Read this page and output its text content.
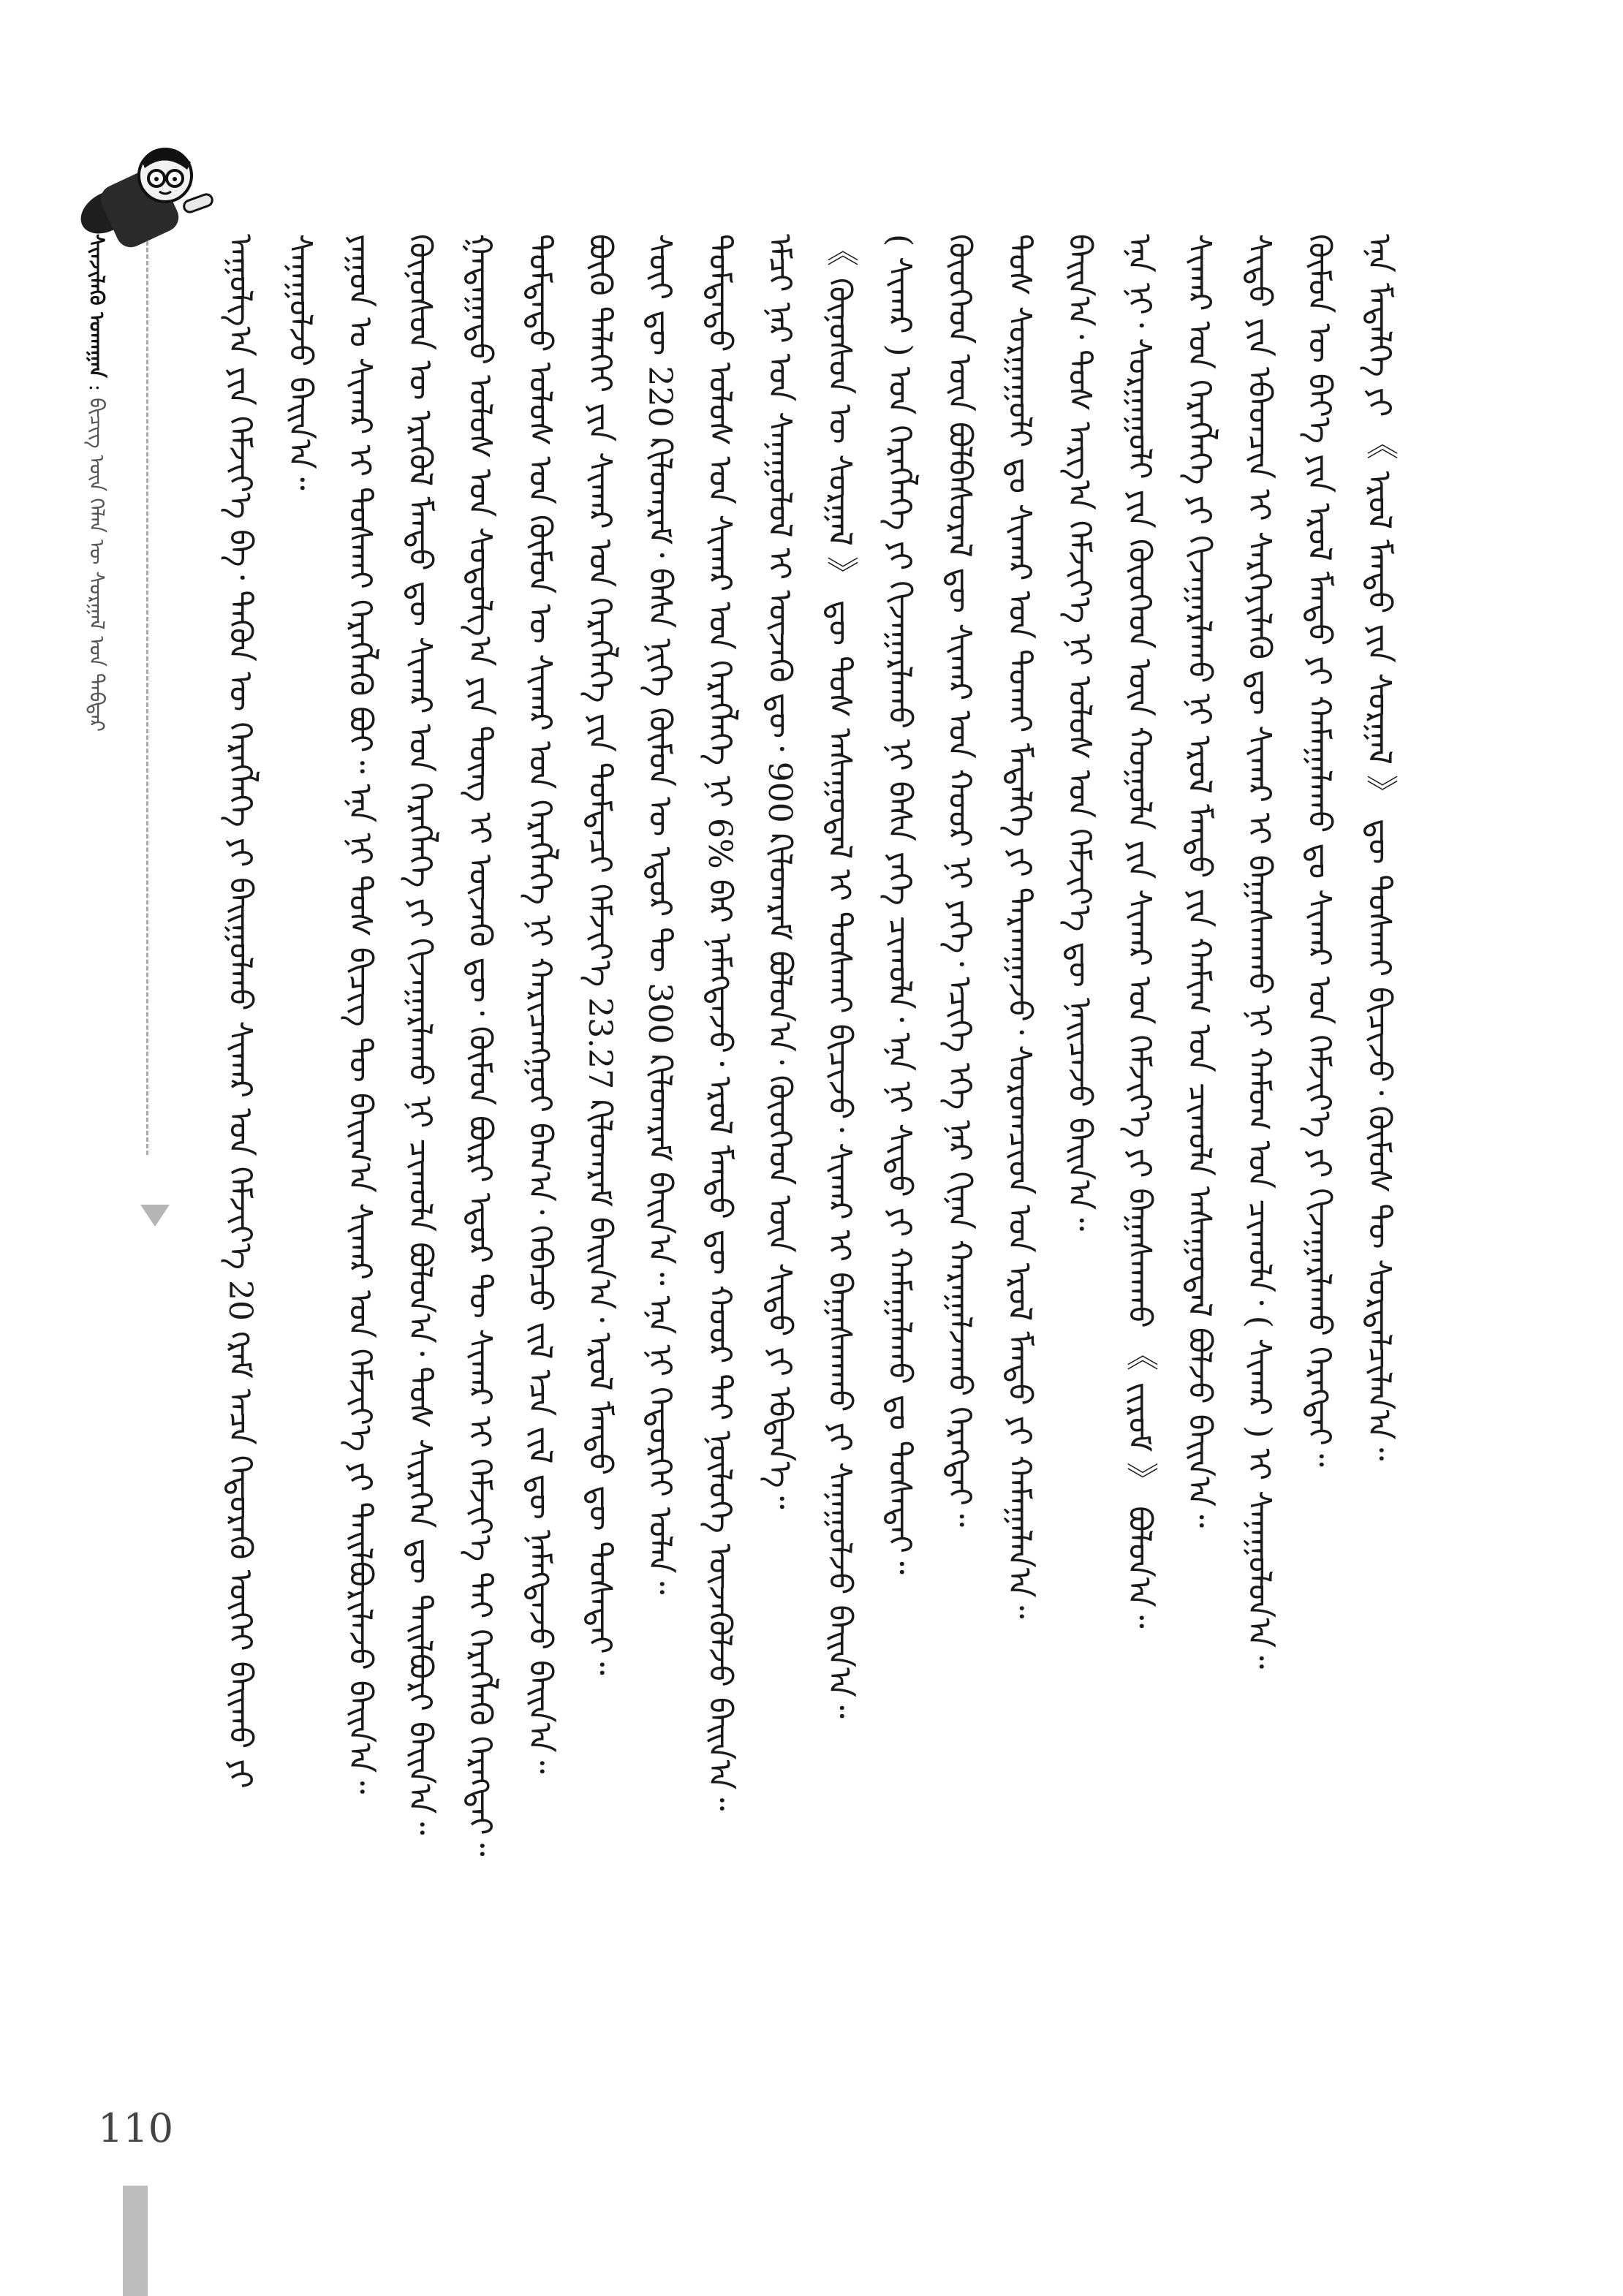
ᠰᠢᠨᠵᠢᠯᠡᠬᠦ ᠤᠬᠠᠭᠠᠨ : ᠪᠢᠴᠢᠭ ᠦᠨ ᠬᠡᠯᠡᠨ ᠦ ᠰᠤᠷᠭᠠᠯ ᠤᠨ ᠳᠡᠪᠲᠡᠷ	ᠠᠭᠤᠯᠭ᠎ᠠ ᠶᠢᠨ ᠬᠡᠮᠵᠢᠶ᠎ᠡ ᠪᠡ᠂ ᠲᠡᠭᠦᠨ ᠦ ᠬᠡᠷᠡᠭᠯᠡᠭᠡ ᠶᠢ ᠪᠠᠢᠭᠤᠯᠬᠤ ᠰᠢᠬᠠᠷ ᠤᠨ ᠬᠡᠮᠵᠢᠶ᠎ᠡ 20 ᠭᠷᠠᠮ ᠠᠴᠠ ᠬᠡᠲᠦᠷᠡᠬᠦ ᠦᠭᠡᠢ ᠪᠠᠢᠬᠤ ᠶᠢ ᠰᠠᠨᠠᠭᠤᠯᠵᠤ ᠪᠠᠢᠨ᠎ᠠ᠃ ᠶᠠᠭᠤᠨ ᠤ ᠰᠢᠬᠠᠷ ᠢ ᠳᠤᠰᠬᠠᠢ ᠬᠡᠷᠡᠭᠯᠡᠬᠦ ᠪᠤᠢ᠃ ᠡᠨᠡ ᠨᠢ ᠲᠤᠰ ᠪᠢᠴᠢᠭ ᠲᠦ ᠪᠠᠢᠭ᠎ᠠ ᠰᠢᠬᠠᠷ ᠤᠨ ᠬᠡᠮᠵᠢᠶ᠎ᠡ ᠶᠢ ᠲᠠᠢᠯᠪᠤᠷᠢᠯᠠᠵᠤ ᠪᠠᠢᠨ᠎ᠠ᠃ ᠬᠦᠨᠦᠰᠦᠨ ᠦ ᠡᠷᠡᠭᠦᠯ ᠮᠡᠨᠳᠦ ᠳᠦ ᠰᠢᠬᠠᠷ ᠤᠨ ᠬᠡᠷᠡᠭᠯᠡᠭᠡ ᠶᠢ ᠬᠢᠵᠠᠭᠠᠷᠯᠠᠬᠤ ᠨᠢ ᠴᠢᠬᠤᠯᠠ ᠪᠣᠯᠤᠨ᠎ᠠ᠂ ᠲᠤᠰ ᠰᠢᠷᠡᠭᠡᠨ ᠳᠦ ᠲᠠᠢᠯᠪᠤᠷᠢ ᠪᠠᠢᠨ᠎ᠠ᠃ ᠭᠠᠳᠠᠭᠠᠳᠤ ᠤᠯᠤᠰ ᠤᠨ ᠰᠤᠳᠤᠯᠭ᠎ᠠ ᠶᠢᠨ ᠳᠦᠩ ᠢ ᠦᠵᠡᠬᠦ ᠳᠦ᠂ ᠬᠦᠮᠦᠨ ᠪᠦᠷᠢ ᠡᠳᠦᠷ ᠲᠦ ᠰᠢᠬᠠᠷ ᠢ ᠬᠡᠮᠵᠢᠶ᠎ᠡ ᠲᠡᠢ ᠬᠡᠷᠡᠭᠯᠡᠬᠦ ᠬᠡᠷᠡᠭᠲᠡᠢ᠃ ᠳᠤᠮᠳᠠᠳᠤ ᠤᠯᠤᠰ ᠤᠨ ᠬᠦᠮᠦᠨ ᠦ ᠰᠢᠬᠠᠷ ᠤᠨ ᠬᠡᠷᠡᠭᠯᠡᠭᠡ ᠨᠢ ᠬᠠᠷᠢᠴᠠᠩᠭᠤᠢ ᠪᠠᠭ᠎ᠠ᠂ ᠭᠡᠪᠡᠴᠦ ᠵᠢᠯ ᠡᠴᠡ ᠵᠢᠯ ᠳᠦ ᠨᠡᠮᠡᠭᠳᠡᠵᠦ ᠪᠠᠢᠨ᠎ᠠ᠃ ᠪᠦᠬᠦ ᠳᠡᠯᠡᠬᠡᠢ ᠶᠢᠨ ᠰᠢᠬᠠᠷ ᠤᠨ ᠬᠡᠷᠡᠭᠯᠡᠭᠡ ᠶᠢᠨ ᠳᠤᠮᠳᠠᠴᠢ ᠬᠡᠮᠵᠢᠶ᠎ᠡ 23.27 ᠺᠢᠯᠤᠭᠷᠠᠮ ᠪᠠᠢᠨ᠎ᠠ᠂ ᠡᠷᠦᠯ ᠮᠡᠨᠳᠦ ᠳᠦ ᠲᠤᠰᠠᠲᠠᠢ᠃ ᠰᠦᠢ ᠳᠦ 220 ᠺᠢᠯᠤᠭᠷᠠᠮ᠂ ᠪᠠᠰᠠ ᠨᠢᠭᠡ ᠬᠦᠮᠦᠨ ᠦ ᠡᠳᠦᠷ ᠲᠦ 300 ᠺᠢᠯᠤᠭᠷᠠᠮ ᠪᠠᠢᠨ᠎ᠠ᠃ ᠡᠨᠡ ᠨᠢ ᠬᠡᠲᠦᠷᠬᠡᠢ ᠤᠯᠠᠨ᠃ ᠳᠤᠮᠳᠠᠳᠤ ᠤᠯᠤᠰ ᠤᠨ ᠰᠢᠬᠠᠷ ᠤᠨ ᠬᠡᠷᠡᠭᠯᠡᠭᠡ ᠨᠢ 6% ᠪᠠᠷ ᠨᠡᠮᠡᠭᠳᠡᠵᠦ᠂ ᠡᠷᠦᠯ ᠮᠡᠨᠳᠦ ᠳᠦ ᠬᠣᠣᠷ ᠲᠠᠢ ᠨᠦᠯᠦᠭᠡ ᠦᠵᠡᠭᠦᠯᠵᠦ ᠪᠠᠢᠨ᠎ᠠ᠃ ᠡᠮᠴᠢ ᠨᠠᠷ ᠤᠨ ᠰᠠᠨᠠᠭᠤᠯᠤᠯ ᠢ ᠦᠵᠡᠬᠦ ᠳᠦ᠂ 900 ᠺᠢᠯᠤᠭᠷᠠᠮ ᠪᠣᠯᠤᠨ᠎ᠠ᠂ ᠬᠦᠦᠬᠡᠳ ᠦᠨ ᠰᠢᠳᠦ ᠶᠢ ᠡᠪᠳᠡᠨ᠎ᠡ᠃ 《 ᠬᠦᠨᠦᠰᠦᠨ ᠦ ᠰᠤᠷᠭᠠᠯ 》 ᠳᠦ ᠲᠤᠰ ᠠᠰᠠᠭᠤᠳᠠᠯ ᠢ ᠲᠤᠰᠬᠠᠢ ᠪᠢᠴᠢᠵᠦ᠂ ᠰᠢᠬᠠᠷ ᠢ ᠪᠠᠭᠠᠰᠬᠠᠬᠤ ᠶᠢ ᠰᠠᠨᠠᠭᠤᠯᠵᠤ ᠪᠠᠢᠨ᠎ᠠ᠃ ( ᠰᠢᠬᠠᠷ ) ᠤᠨ ᠬᠡᠷᠡᠭᠯᠡᠭᠡ ᠶᠢ ᠬᠢᠵᠠᠭᠠᠷᠯᠠᠬᠤ ᠨᠢ ᠪᠠᠰᠠ ᠶᠡᠬᠡ ᠴᠢᠬᠤᠯᠠ᠂ ᠡᠨᠡ ᠨᠢ ᠰᠢᠳᠦ ᠶᠢ ᠬᠠᠮᠠᠭᠠᠯᠠᠬᠤ ᠳᠤ ᠲᠤᠰᠠᠲᠠᠢ᠃ ᠬᠦᠦᠬᠡᠳ ᠦᠨ ᠪᠣᠯᠪᠠᠰᠤᠷᠠᠯ ᠳᠦ ᠰᠢᠬᠠᠷ ᠤᠨ ᠬᠣᠣᠷ ᠨᠢ ᠶᠡᠬᠡ᠂ ᠡᠴᠢᠭᠡ ᠡᠬᠡ ᠨᠠᠷ ᠬᠢᠨᠠᠨ ᠬᠠᠷᠠᠭᠠᠯᠵᠠᠬᠤ ᠬᠡᠷᠡᠭᠲᠡᠢ᠃ ᠲᠤᠰ ᠰᠤᠷᠭᠠᠭᠤᠯᠢ ᠳᠤ ᠰᠢᠬᠠᠷ ᠤᠨ ᠲᠤᠬᠠᠢ ᠮᠡᠳᠡᠯᠭᠡ ᠶᠢ ᠲᠠᠷᠬᠠᠭᠠᠵᠤ᠂ ᠰᠤᠷᠤᠭᠴᠢᠳ ᠤᠨ ᠡᠷᠦᠯ ᠮᠡᠨᠳᠦ ᠶᠢ ᠬᠠᠮᠠᠭᠠᠯᠠᠨ᠎ᠠ᠃ ᠪᠠᠢᠨ᠎ᠠ᠂ ᠲᠤᠰ ᠠᠷᠭ᠎ᠠ ᠬᠡᠮᠵᠢᠶ᠎ᠡ ᠨᠢ ᠤᠯᠤᠰ ᠤᠨ ᠬᠡᠮᠵᠢᠶ᠎ᠡ ᠳᠦ ᠨᠡᠢᠴᠡᠵᠦ ᠪᠠᠢᠨ᠎ᠠ᠃ ᠡᠨᠡ ᠨᠢ᠂ ᠰᠤᠷᠭᠠᠭᠤᠯᠢ ᠶᠢᠨ ᠬᠦᠦᠬᠡᠳ ᠦᠨ ᠬᠣᠭᠤᠯᠠ ᠶᠢᠨ ᠰᠢᠬᠠᠷ ᠤᠨ ᠬᠡᠮᠵᠢᠶ᠎ᠡ ᠶᠢ ᠪᠠᠭᠠᠰᠬᠠᠬᠤ 《 ᠵᠢᠷᠤᠮ 》 ᠪᠣᠯᠤᠨ᠎ᠠ᠃ ᠰᠢᠬᠠᠷ ᠤᠨ ᠬᠡᠷᠡᠭᠯᠡᠭᠡ ᠶᠢ ᠬᠢᠵᠠᠭᠠᠷᠯᠠᠬᠤ ᠨᠢ ᠡᠷᠦᠯ ᠮᠡᠨᠳᠦ ᠶᠢᠨ ᠬᠠᠮᠢᠭ ᠤᠨ ᠴᠢᠬᠤᠯᠠ ᠠᠰᠠᠭᠤᠳᠠᠯ ᠪᠣᠯᠵᠤ ᠪᠠᠢᠨ᠎ᠠ᠃ ᠰᠢᠳᠦ ᠶᠢᠨ ᠡᠪᠡᠳᠴᠢᠨ ᠢ ᠰᠡᠷᠭᠡᠶᠢᠯᠡᠬᠦ ᠳᠦ ᠰᠢᠬᠠᠷ ᠢ ᠪᠠᠭᠠᠰᠬᠠᠬᠤ ᠨᠢ ᠬᠠᠮᠤᠭ ᠤᠨ ᠴᠢᠬᠤᠯᠠ᠂ ( ᠰᠢᠬᠠᠷ ) ᠢ ᠰᠠᠨᠠᠭᠤᠯᠤᠨ᠎ᠠ᠃ ᠬᠦᠮᠦᠨ ᠦ ᠪᠡᠶ᠎ᠡ ᠶᠢᠨ ᠡᠷᠦᠯ ᠮᠡᠨᠳᠦ ᠶᠢ ᠬᠠᠮᠠᠭᠠᠯᠠᠬᠤ ᠳᠤ ᠰᠢᠬᠠᠷ ᠤᠨ ᠬᠡᠮᠵᠢᠶ᠎ᠡ ᠶᠢ ᠬᠢᠵᠠᠭᠠᠷᠯᠠᠬᠤ ᠬᠡᠷᠡᠭᠲᠡᠢ᠃ ᠡᠨᠡ ᠮᠡᠳᠡᠯᠭᠡ ᠶᠢ 《 ᠡᠷᠦᠯ ᠮᠡᠨᠳᠦ ᠶᠢᠨ ᠰᠤᠷᠭᠠᠯ 》 ᠳᠦ ᠲᠤᠰᠬᠠᠢ ᠪᠢᠴᠢᠵᠦ᠂ ᠬᠦᠮᠦᠰ ᠲᠦ ᠰᠤᠷᠲᠠᠯᠴᠢᠯᠠᠨ᠎ᠠ᠃
110
